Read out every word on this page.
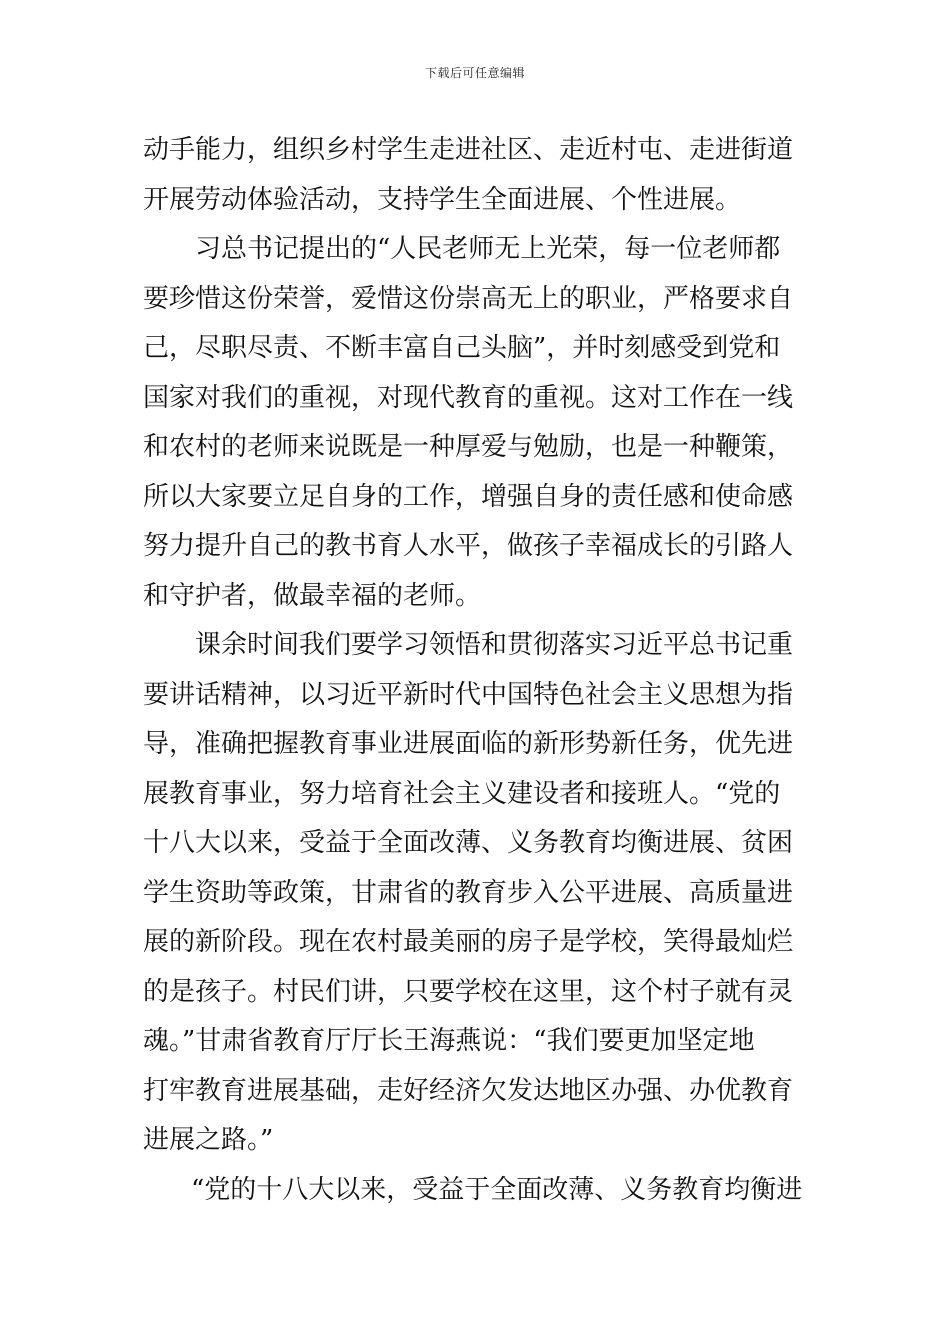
下载后可任意编辑
动手能力，组织乡村学生走进社区、走近村屯、走进街道
开展劳动体验活动，支持学生全面进展、个性进展。
习总书记提出的“人民老师无上光荣，每一位老师都
要珍惜这份荣誉，爱惜这份崇高无上的职业，严格要求自
己，尽职尽责、不断丰富自己头脑”，并时刻感受到党和
国家对我们的重视，对现代教育的重视。这对工作在一线
和农村的老师来说既是一种厚爱与勉励，也是一种鞭策，
所以大家要立足自身的工作，增强自身的责任感和使命感
努力提升自己的教书育人水平，做孩子幸福成长的引路人
和守护者，做最幸福的老师。
课余时间我们要学习领悟和贯彻落实习近平总书记重
要讲话精神，以习近平新时代中国特色社会主义思想为指
导，准确把握教育事业进展面临的新形势新任务，优先进
展教育事业，努力培育社会主义建设者和接班人。“党的
十八大以来，受益于全面改薄、义务教育均衡进展、贫困
学生资助等政策，甘肃省的教育步入公平进展、高质量进
展的新阶段。现在农村最美丽的房子是学校，笑得最灿烂
的是孩子。村民们讲，只要学校在这里，这个村子就有灵
魂。”甘肃省教育厅厅长王海燕说：“我们要更加坚定地
打牢教育进展基础，走好经济欠发达地区办强、办优教育
进展之路。”
“党的十八大以来，受益于全面改薄、义务教育均衡进
